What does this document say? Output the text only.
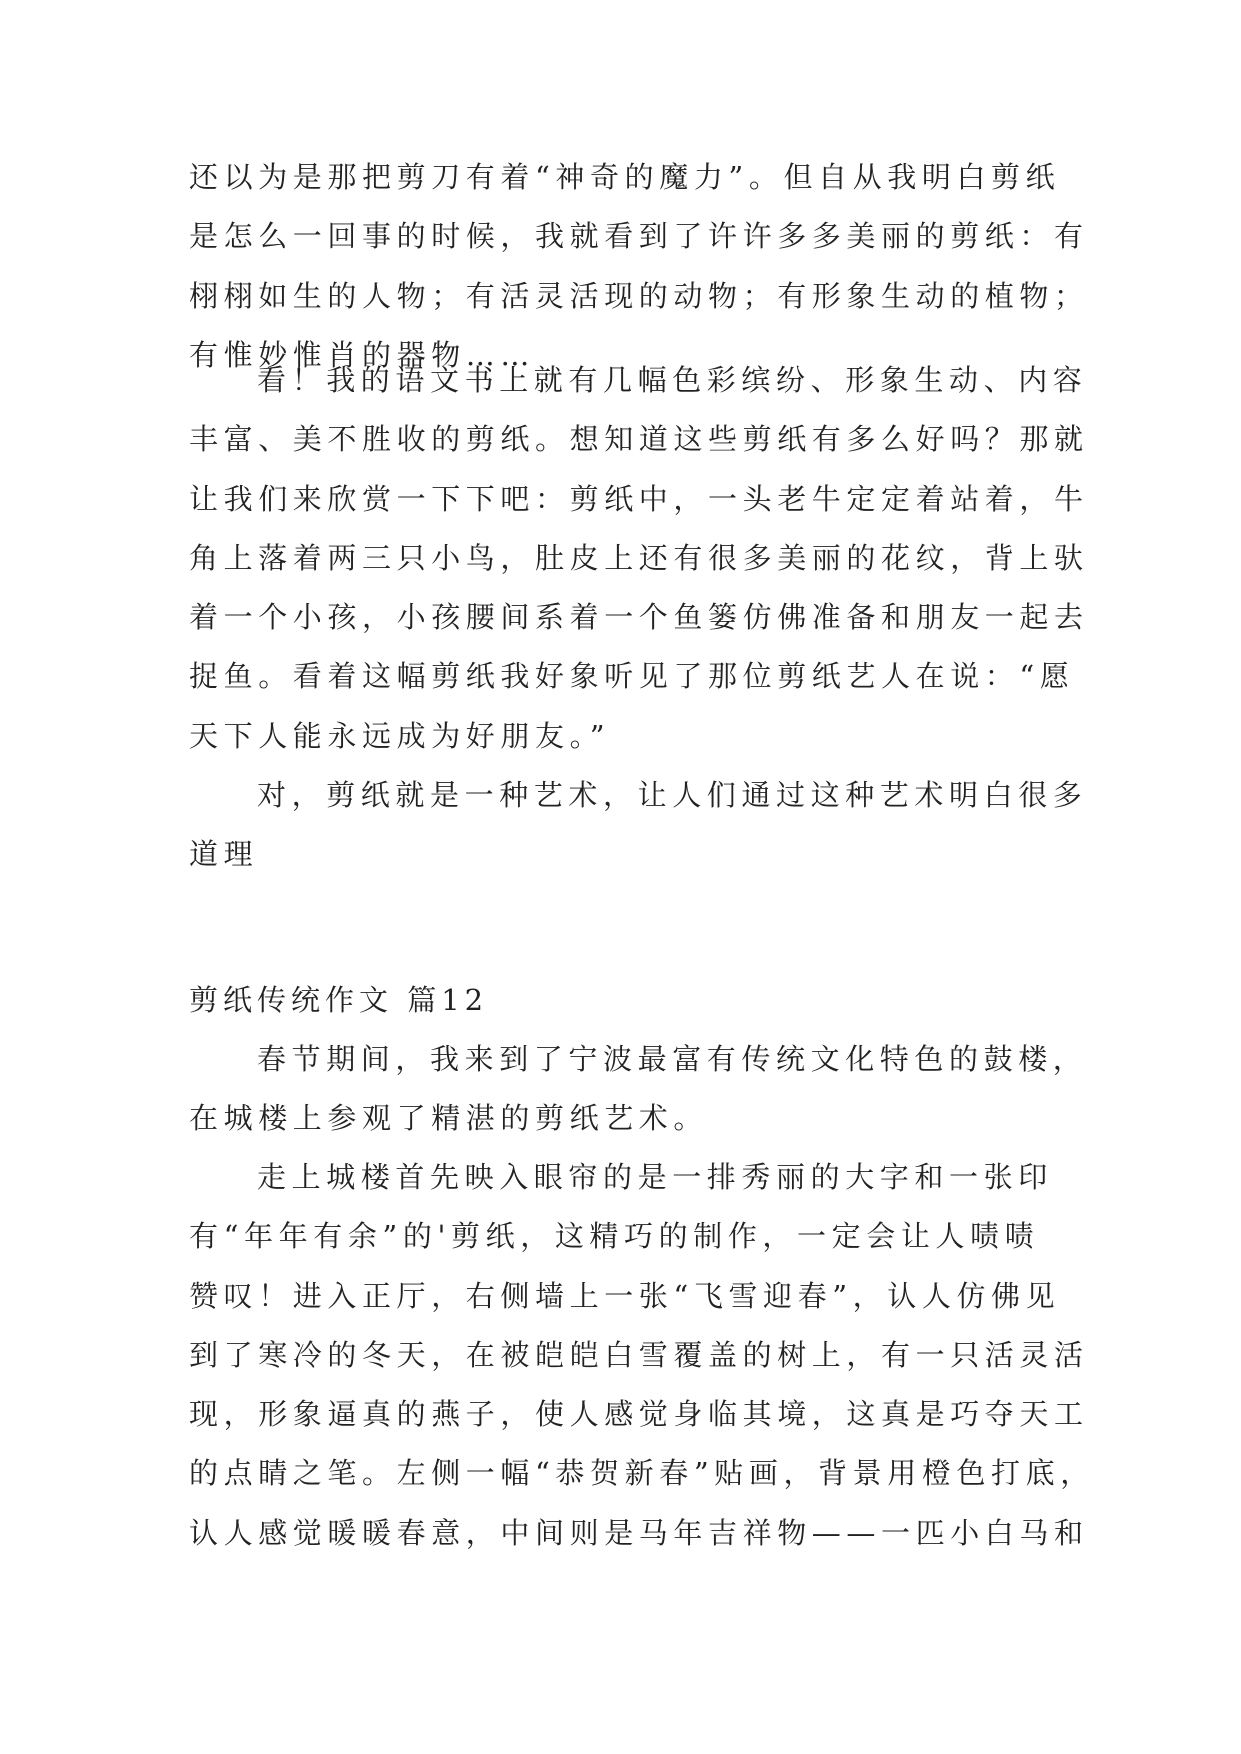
还以为是那把剪刀有着“神奇的魔力”。但自从我明白剪纸
是怎么一回事的时候，我就看到了许许多多美丽的剪纸：有
栩栩如生的人物；有活灵活现的动物；有形象生动的植物；
有惟妙惟肖的器物……
看！我的语文书上就有几幅色彩缤纷、形象生动、内容
丰富、美不胜收的剪纸。想知道这些剪纸有多么好吗？那就
让我们来欣赏一下下吧：剪纸中，一头老牛定定着站着，牛
角上落着两三只小鸟，肚皮上还有很多美丽的花纹，背上驮
着一个小孩，小孩腰间系着一个鱼篓仿佛准备和朋友一起去
捉鱼。看着这幅剪纸我好象听见了那位剪纸艺人在说：“愿
天下人能永远成为好朋友。”
对，剪纸就是一种艺术，让人们通过这种艺术明白很多
道理
剪纸传统作文 篇12
春节期间，我来到了宁波最富有传统文化特色的鼓楼，
在城楼上参观了精湛的剪纸艺术。
走上城楼首先映入眼帘的是一排秀丽的大字和一张印
有“年年有余”的'剪纸，这精巧的制作，一定会让人啧啧
赞叹！进入正厅，右侧墙上一张“飞雪迎春”，认人仿佛见
到了寒冷的冬天，在被皑皑白雪覆盖的树上，有一只活灵活
现，形象逼真的燕子，使人感觉身临其境，这真是巧夺天工
的点睛之笔。左侧一幅“恭贺新春”贴画，背景用橙色打底，
认人感觉暖暖春意，中间则是马年吉祥物——一匹小白马和
